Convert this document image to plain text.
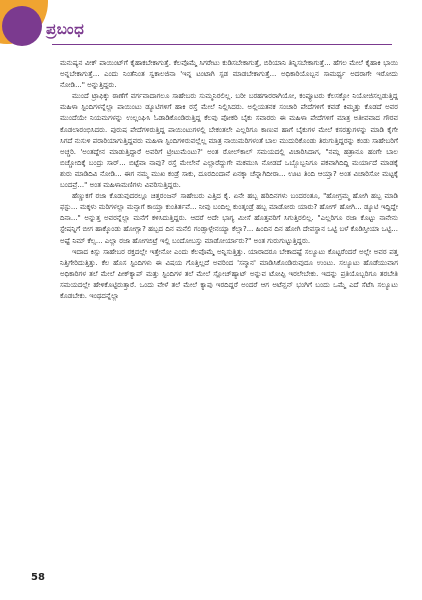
ಪ್ರಬಂಧ

ಮನುಷ್ಯನ ವೀಕ್ ಪಾಯಿಂಟ್‌ಗೆ ಕೈಹಾಕಬೇಕಾಗುತ್ತೆ. ಕೆಲವೊಮ್ಮೆ ಸಿಗರೇಟು ಕುಡಿಸಬೇಕಾಗುತ್ತೆ, ಬಿರಿಯಾನಿ ತಿನ್ನಿಸಬೇಕಾಗುತ್ತೆ... ಹೆಗಲ ಮೇಲೆ ಕೈಹಾಕಿ ಭಾಯಿ ಅನ್ನಬೇಕಾಗುತ್ತೆ... ಎಂದು ನಿಂತೆನಿಂತ ಸ್ವಕಾಲಜಿನಾ 'ಇನ್ನ ಟಂಟಾಗಿ ಸ್ಪಡ ಮಾಡಬೇಕಾಗುತ್ತೆ... ಅಧಿಕಾರಿಯೊಬ್ಬನ ಸಾಮರ್ಥ್ಯ ಅದರಾಗೇ ಇರೋದು ನೋಡಿ..." ಅನ್ನುತ್ತಿದ್ದರು.

ಮುಂದೆ ಟ್ರಾಫಿಕ್ಕು ಠಾಣೆಗೆ ವರ್ಗವಾದಾಗಲೂ ಸಾಹೇಬರು ಸುಮ್ಮನಿರಲಿಲ್ಲ. ಬರೀ ಬರಹಗಾರರಾಗಿಯೋ, ಕಂಪ್ಯೂಟರು ಕೆಲಸಕ್ಕೋ ನಿಯೋಜಿಸಲ್ಪಡುತ್ತಿದ್ದ ಮಹಿಳಾ ಸ್ಟಿಂದಿಗಳನ್ನೆಲ್ಲಾ ಪಾಯಿಂಟು ಡ್ಯೂಟಿಗಳಿಗೆ ಹಾಕಿ ರಸ್ತೆ ಮೇಲೆ ನಿಲ್ಲಿಸಿದರು. ಅಲ್ಲಿಯತನಕ ಸಂಚಾರಿ ಪೇದೆಗಳಿಗೆ ಕವಡೆ ಕಿಮ್ಮತ್ತು ಕೊಡದೆ ಅವರ ಮುಂದೆಯೇ ನಿಯಮಗಳನ್ನು ಉಲ್ಲಂಘಿಸಿ ಓಡಾಡಿಕೊಂಡಿರುತ್ತಿದ್ದ ಕೆಲವು ಪೋಕರಿ ಬೈಕು ಸವಾರರು ಈ ಮಹಿಳಾ ಪೇದೆಗಳಿಗೆ ಮಾತ್ರ ಅತೀವವಾದ ಗೌರವ ಕೊಡಲಾರಂಭಿಸಿದರು. ಪುರುಷ ಪೇದೆಗಳಿರುತ್ತಿದ್ದ ಪಾಯಿಂಟುಗಳಲ್ಲಿ ಬೇಕಂತಲೇ ಎಲ್ಲರಿಗೂ ಕಾಣುವ ಹಾಗೆ ಬೈಕುಗಳ ಮೇಲೆ ಕಸರತ್ತುಗಳನ್ನು ಮಾಡಿ ಕೈಗೇ ಸಿಗದೆ ನುಸುಳಿ ಪರಾರಿಯಾಗುತ್ತಿದ್ದವರು ಮಹಿಳಾ ಸ್ಟಿಂದಿಗಳಿರುವಲ್ಲೆಲ್ಲ ಮಾತ್ರ ನಾಯಿಮರಿಗಳಂತೆ ಬಾಲ ಮುದುರಿಕೊಂಡು ತಿರುಗುತ್ತಿದ್ದರನ್ನು ಕಂಡು ಸಾಹೇಬರಿಗೆ ಅಚ್ಚರಿ. 'ಅಂತದ್ದೇನ ಮಾಡುತ್ತಿದ್ದಾರೆ ಅವರಿಗೆ ಟ್ರೀಟುಮೆಂಟು?' ಅಂತ ರೋಲ್‌ಕಾಲ್ ಸಮಯದಲ್ಲಿ ವಿಚಾರಿಸಿದಾಗ, "ನಮ್ಗ ಹತ್ರಾನೂ ಹಂಗೇ ಬಾಲ ಬಿಚ್ಚೋದಿಕ್ಕೆ ಬಂದ್ರು ಸಾರ್... ಬಿಟ್ಟೆವಾ ನಾವು? ರಸ್ತೆ ಮೇಲೇನೆ ಎಲ್ಲಾರೆದ್ದುಗೇ ಮಕಮುಸಿ ನೋಡದೆ ಒಬ್ಬೊಬ್ಬನಿಗೂ ಪಕವಾಗಿದಿದ್ದಿ ಮರ್ಯಾದೆ ಮಾಡಕ್ಕೆ ಶುರು ಮಾಡಿದಿವಿ ನೋಡಿ... ಈಗ ನಮ್ಮ ಮುಖ ಕಂಡ್ರೆ ಸಾಕು, ದೂರದಿಂದಾನೆ ಏನಕ್ಕಾ ಚೆನ್ನಾಗಿದೀರಾ... ಊಟ ತಿಂದಿ ಆಯ್ತಾ? ಅಂತ ವಿಚಾರಿಸೋ ಮಟ್ಟಕ್ಕೆ ಬಂದವ್ರೆ..." ಅಂತ ಮಹಿಳಾಮಣಿಗಳು ವಿವರಿಸುತ್ತಿದ್ದರು.

ಹೆಣ್ಣುಕಗೆ ರಜಾ ಕೊಡುವುದರಲ್ಲೂ ಚಿತ್ತರಂಜನ್ ಸಾಹೇಬರು ಎತ್ತಿದ ಕೈ. ಏನೇ ಹಬ್ಬ ಹರಿದಿನಗಳು ಬಂದರಂತೂ, "ಹೋಗ್ರಮ್ಮ ಹೋಗಿ ಹಬ್ಬ ಮಾಡಿ ಫಸ್ಟು... ಮಕ್ಕಳು ಮರಿಗಳಲ್ಲಾ ಮನ್ಸಾಗೆ ಕಾಯ್ತಾ ಕುಂತಿರ್ತವೆ... ನೀವು ಬಂದಿಲ್ಲ ಕುಂತ್ಕಂಡ್ರೆ ಹಬ್ಬ ಮಾಡೋರು ಯಾರು? ಹೋಗ್ ಹೋಗಿ... ಡ್ಯೂಟಿ ಇದ್ದಿದ್ದೇ ದಿನಾ..." ಅನ್ನುತ್ತ ಅವರನ್ನೆಲ್ಲಾ ಮನೆಗೆ ಕಳಿಸಿದುತ್ತಿದ್ದರು. ಆದರೆ ಅದೇ ಭಾಗ್ಯ ಮೀಸೆ ಹೊತ್ತವರಿಗೆ ಸಿಗುತ್ತಿರಲಿಲ್ಲ. "ಎಲ್ಲರಿಗೂ ರಜಾ ಕೊಟ್ಟು ನಾನೇನು ಸ್ಟೇಷನ್ನಿಗೆ ಬೀಗ ಹಾಕ್ಕೊಂಡು ಹೋಗ್ಲಾ? ಹಬ್ಬದ ದಿನ ಮನೆಲಿ ಗಂಡ್ಸಾಳ್ಗೇನಯ್ಯಾ ಕೆಲ್ಸಾ?... ಹಿಂದಿನ ದಿನ ಹೋಗಿ ದೇವಸ್ಥಾನ ಒಟ್ಟಿ ಬಳೆ ಕೊಡಿಸ್ತೀಯಾ ಒಟ್ಟಿ... ಅಷ್ಟೆ ನಿಮ್ ಕೆಲ್ಸ... ಎಲ್ಲಾ ರಜಾ ಹೋಗಬಿಟ್ರೆ ಇಲ್ಲಿ ಬಂದೋಬಸ್ತು ಮಾಡೋರ್ಯಾರು?" ಅಂತ ಗುರುಗುಟ್ಟುತ್ತಿದ್ದರು.

ಇದಾದ ಕಿಸ್ಸು ಸಾಹೇಬರ ರಕ್ತದಲ್ಲೇ ಇತ್ತೇನೋ ಎಂದು ಕೆಲವೊಮ್ಮೆ ಅನ್ನಿಸುತ್ತಿತ್ತು. ಯಾರಾದರೂ ಬೇಕಾದಷ್ಟೆ ಸಲ್ಯೂಟು ಕೊಟ್ಟರೆಂದರೆ ಅಲ್ಲೇ ಅವರ ಪತ್ತ ನಿತ್ತಿಗೇರಿದುತ್ತಿತ್ತು. ಕೆಲ ಹೊಸ ಸ್ಟಿಂದಿಗಳು ಈ ವಿಷಯ ಗೊತ್ತಿಲ್ಲದೆ ಅವರಿಂದ 'ಸನ್ಮಾನ' ಮಾಡಿಸಿಕೊಂಡಿರುವುದೂ ಉಂಟು. ಸಲ್ಯೂಟು ಹೊಡೆಯುವಾಗ ಅಧಿಕಾರಿಗಳ ತಲೆ ಮೇಲೆ ಪೀಕ್‌ಕ್ಯಾಪ್ ಮತ್ತು ಸ್ಟಿಂದಿಗಳ ತಲೆ ಮೇಲೆ ಸ್ಲೋಚ್‌ಹ್ಯಾಟ್ ಅನ್ನುವ ಟೋಪ್ಪಿ ಇರಲೇಬೇಕು. ಇದನ್ನು ಪ್ರತಿಯೊಬ್ಬರಿಗೂ ತರಬೇತಿ ಸಮಯದಲ್ಲೇ ಹೇಳಿಕೊಟ್ಟಿರುತ್ತಾರೆ. ಒಂದು ವೇಳೆ ತಲೆ ಮೇಲೆ ಕ್ಯಾಪು ಇರದಿದ್ದರೆ ಅಂದರೆ ಆಗ ಅಟೆನ್ಷನ್ ಭಂಗಿಗೆ ಬಂದು ಒಮ್ಮೆ ಎದೆ ಸೆಟೆಸಿ ಸಲ್ಯೂಟು ಕೊಡಬೇಕು. ಇಂಥದನ್ನೆಲ್ಲಾ

58
